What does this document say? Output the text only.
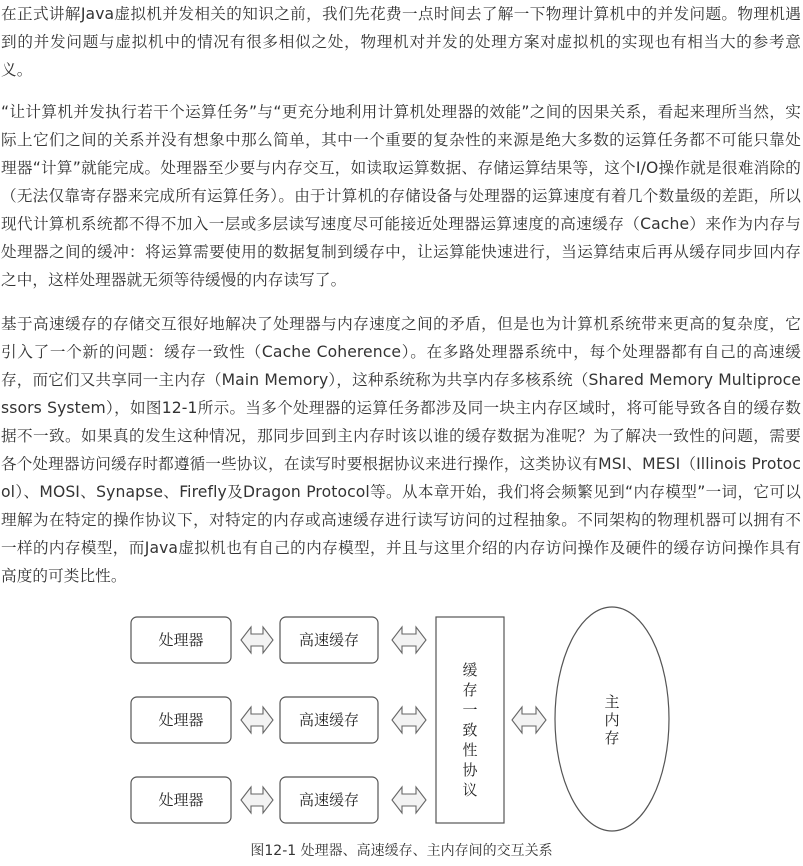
在正式讲解Java虚拟机并发相关的知识之前，我们先花费一点时间去了解一下物理计算机中的并发问题。物理机遇到的并发问题与虚拟机中的情况有很多相似之处，物理机对并发的处理方案对虚拟机的实现也有相当大的参考意义。

“让计算机并发执行若干个运算任务”与“更充分地利用计算机处理器的效能”之间的因果关系，看起来理所当然，实际上它们之间的关系并没有想象中那么简单，其中一个重要的复杂性的来源是绝大多数的运算任务都不可能只靠处理器“计算”就能完成。处理器至少要与内存交互，如读取运算数据、存储运算结果等，这个I/O操作就是很难消除的（无法仅靠寄存器来完成所有运算任务）。由于计算机的存储设备与处理器的运算速度有着几个数量级的差距，所以现代计算机系统都不得不加入一层或多层读写速度尽可能接近处理器运算速度的高速缓存（Cache）来作为内存与处理器之间的缓冲：将运算需要使用的数据复制到缓存中，让运算能快速进行，当运算结束后再从缓存同步回内存之中，这样处理器就无须等待缓慢的内存读写了。

基于高速缓存的存储交互很好地解决了处理器与内存速度之间的矛盾，但是也为计算机系统带来更高的复杂度，它引入了一个新的问题：缓存一致性（Cache Coherence）。在多路处理器系统中，每个处理器都有自己的高速缓存，而它们又共享同一主内存（Main Memory），这种系统称为共享内存多核系统（Shared Memory Multiprocessors System），如图12-1所示。当多个处理器的运算任务都涉及同一块主内存区域时，将可能导致各自的缓存数据不一致。如果真的发生这种情况，那同步回到主内存时该以谁的缓存数据为准呢？为了解决一致性的问题，需要各个处理器访问缓存时都遵循一些协议，在读写时要根据协议来进行操作，这类协议有MSI、MESI（Illinois Protocol）、MOSI、Synapse、Firefly及Dragon Protocol等。从本章开始，我们将会频繁见到“内存模型”一词，它可以理解为在特定的操作协议下，对特定的内存或高速缓存进行读写访问的过程抽象。不同架构的物理机器可以拥有不一样的内存模型，而Java虚拟机也有自己的内存模型，并且与这里介绍的内存访问操作及硬件的缓存访问操作具有高度的可类比性。

处理器
处理器
处理器
高速缓存
高速缓存
高速缓存
缓
存
一
致
性
协
议
主
内
存
图12-1 处理器、高速缓存、主内存间的交互关系
